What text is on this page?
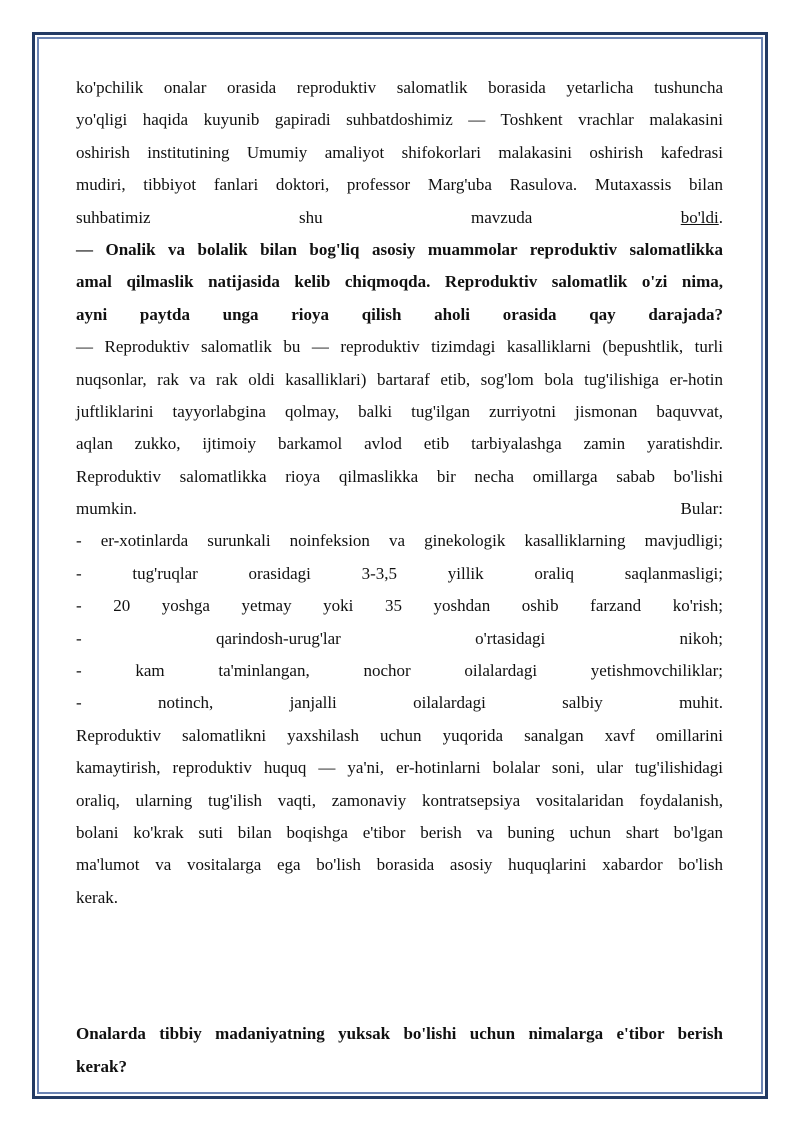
ko'pchilik onalar orasida reproduktiv salomatlik borasida yetarlicha tushuncha
yo'qligi haqida kuyunib gapiradi suhbatdoshimiz — Toshkent vrachlar malakasini
oshirish institutining Umumiy amaliyot shifokorlari malakasini oshirish kafedrasi
mudiri, tibbiyot fanlari doktori, professor Marg'uba Rasulova. Mutaxassis bilan
suhbatimiz shu mavzuda bo'ldi.
— Onalik va bolalik bilan bog'liq asosiy muammolar reproduktiv salomatlikka
amal qilmaslik natijasida kelib chiqmoqda. Reproduktiv salomatlik o'zi nima,
ayni paytda unga rioya qilish aholi orasida qay darajada?
— Reproduktiv salomatlik bu — reproduktiv tizimdagi kasalliklarni (bepushtlik, turli
nuqsonlar, rak va rak oldi kasalliklari) bartaraf etib, sog'lom bola tug'ilishiga er-hotin
juftliklarini tayyorlabgina qolmay, balki tug'ilgan zurriyotni jismonan baquvvat,
aqlan zukko, ijtimoiy barkamol avlod etib tarbiyalashga zamin yaratishdir.
Reproduktiv salomatlikka rioya qilmaslikka bir necha omillarga sabab bo'lishi
mumkin. Bular:
- er-xotinlarda surunkali noinfeksion va ginekologik kasalliklarning mavjudligi;
- tug'ruqlar orasidagi 3-3,5 yillik oraliq saqlanmasligi;
- 20 yoshga yetmay yoki 35 yoshdan oshib farzand ko'rish;
- qarindosh-urug'lar o'rtasidagi nikoh;
- kam ta'minlangan, nochor oilalardagi yetishmovchiliklar;
- notinch, janjalli oilalardagi salbiy muhit.
Reproduktiv salomatlikni yaxshilash uchun yuqorida sanalgan xavf omillarini
kamaytirish, reproduktiv huquq — ya'ni, er-hotinlarni bolalar soni, ular tug'ilishidagi
oraliq, ularning tug'ilish vaqti, zamonaviy kontratsepsiya vositalaridan foydalanish,
bolani ko'krak suti bilan boqishga e'tibor berish va buning uchun shart bo'lgan
ma'lumot va vositalarga ega bo'lish borasida asosiy huquqlarini xabardor bo'lish
kerak.
Onalarda tibbiy madaniyatning yuksak bo'lishi uchun nimalarga e'tibor berish
kerak?
